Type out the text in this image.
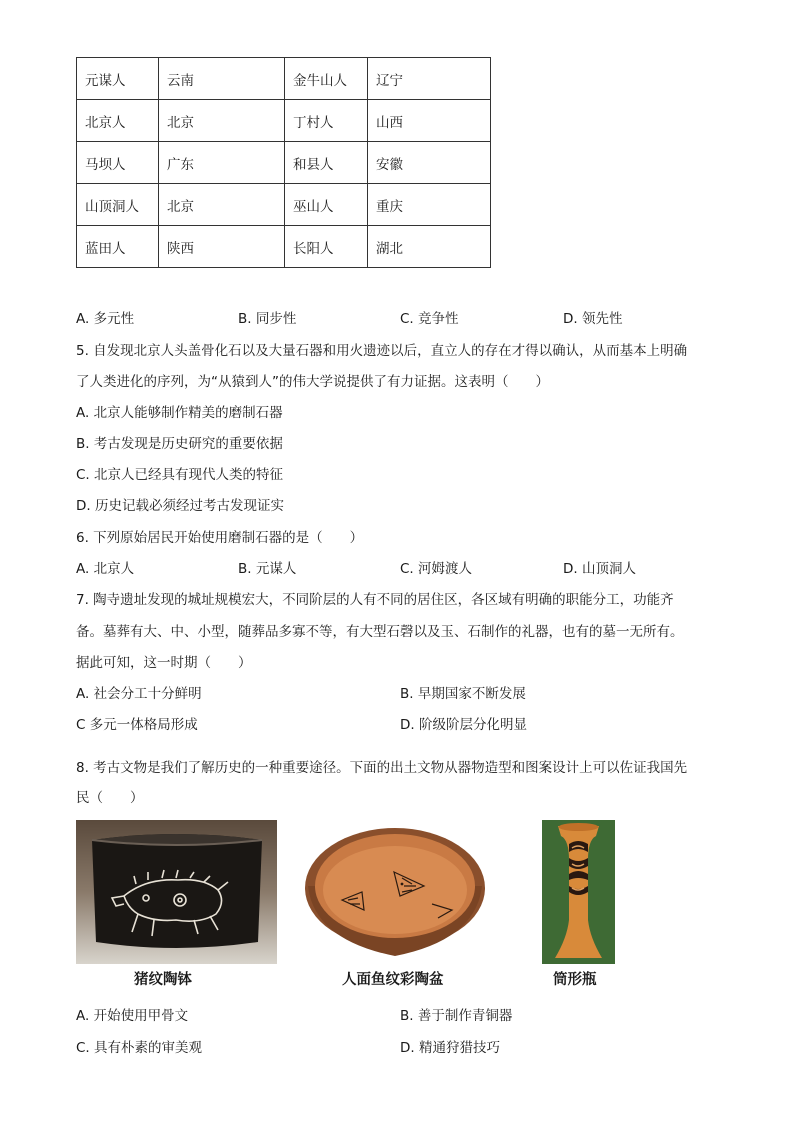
元谋人	云南	金牛山人	辽宁
北京人	北京	丁村人	山西
马坝人	广东	和县人	安徽
山顶洞人	北京	巫山人	重庆
蓝田人	陕西	长阳人	湖北
A. 多元性	B. 同步性	C. 竞争性	D. 领先性
5. 自发现北京人头盖骨化石以及大量石器和用火遗迹以后，直立人的存在才得以确认，从而基本上明确
了人类进化的序列，为“从猿到人”的伟大学说提供了有力证据。这表明（　　）
A. 北京人能够制作精美的磨制石器
B. 考古发现是历史研究的重要依据
C. 北京人已经具有现代人类的特征
D. 历史记载必须经过考古发现证实
6. 下列原始居民开始使用磨制石器的是（　　）
A. 北京人	B. 元谋人	C. 河姆渡人	D. 山顶洞人
7. 陶寺遗址发现的城址规模宏大，不同阶层的人有不同的居住区，各区域有明确的职能分工，功能齐
备。墓葬有大、中、小型，随葬品多寡不等，有大型石磬以及玉、石制作的礼器，也有的墓一无所有。
据此可知，这一时期（　　）
A. 社会分工十分鲜明	B. 早期国家不断发展
C 多元一体格局形成	D. 阶级阶层分化明显
8. 考古文物是我们了解历史的一种重要途径。下面的出土文物从器物造型和图案设计上可以佐证我国先
民（　　）
猪纹陶钵	人面鱼纹彩陶盆	筒形瓶
A. 开始使用甲骨文	B. 善于制作青铜器
C. 具有朴素的审美观	D. 精通狩猎技巧
